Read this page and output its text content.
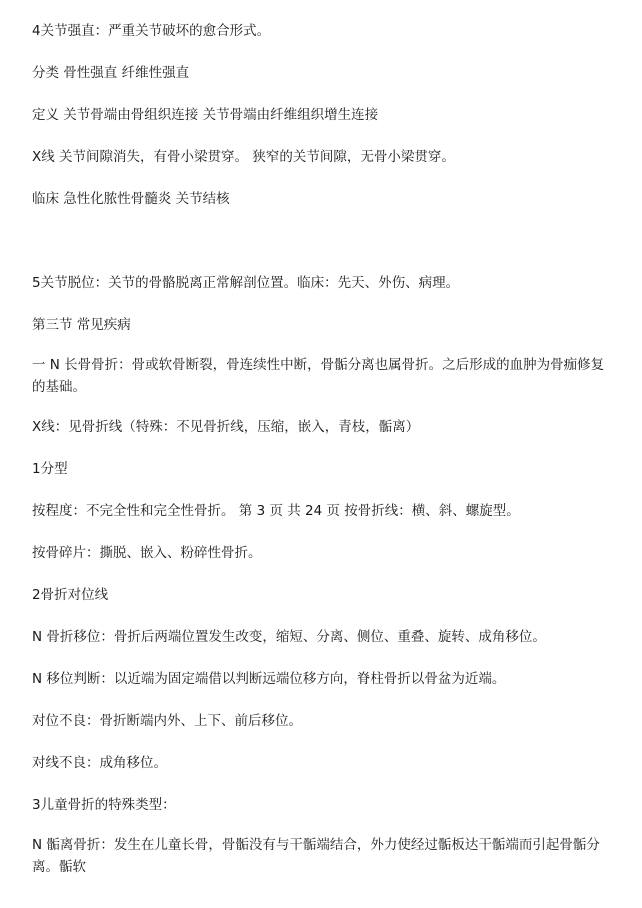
4关节强直：严重关节破坏的愈合形式。
分类 骨性强直 纤维性强直
定义 关节骨端由骨组织连接 关节骨端由纤维组织增生连接
X线 关节间隙消失，有骨小梁贯穿。 狭窄的关节间隙，无骨小梁贯穿。
临床 急性化脓性骨髓炎 关节结核
5关节脱位：关节的骨骼脱离正常解剖位置。临床：先天、外伤、病理。
第三节 常见疾病
一 N 长骨骨折：骨或软骨断裂，骨连续性中断，骨骺分离也属骨折。之后形成的血肿为骨痂修复的基础。
X线：见骨折线（特殊：不见骨折线，压缩，嵌入，青枝，骺离）
1分型
按程度：不完全性和完全性骨折。 第 3 页 共 24 页 按骨折线：横、斜、螺旋型。
按骨碎片：撕脱、嵌入、粉碎性骨折。
2骨折对位线
N 骨折移位：骨折后两端位置发生改变，缩短、分离、侧位、重叠、旋转、成角移位。
N 移位判断：以近端为固定端借以判断远端位移方向，脊柱骨折以骨盆为近端。
对位不良：骨折断端内外、上下、前后移位。
对线不良：成角移位。
3儿童骨折的特殊类型：
N 骺离骨折：发生在儿童长骨，骨骺没有与干骺端结合，外力使经过骺板达干骺端而引起骨骺分离。骺软
